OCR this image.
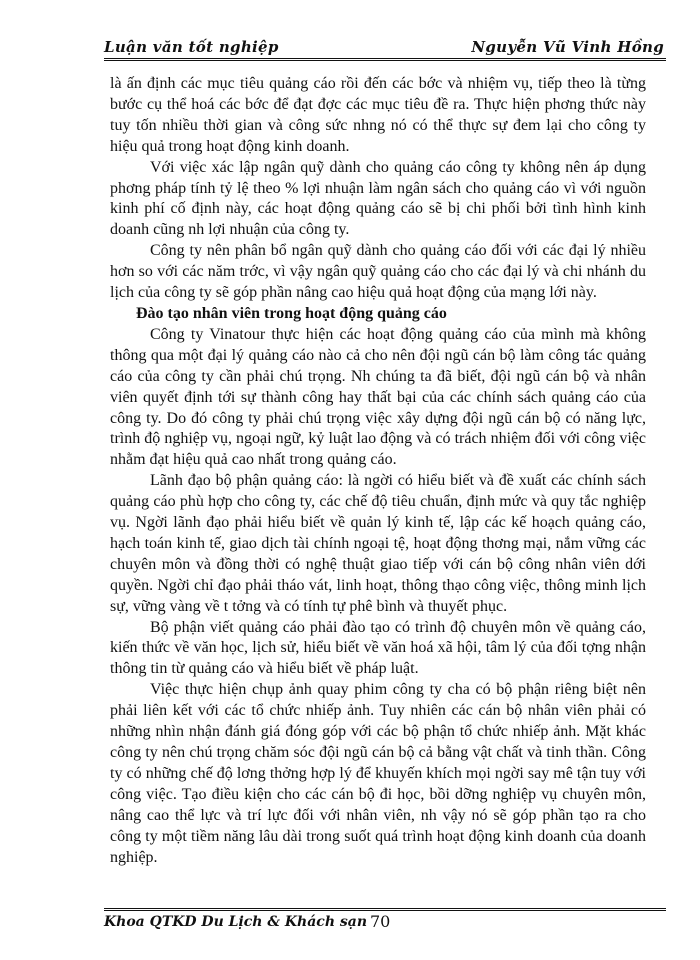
Luận văn tốt nghiệp	Nguyễn Vũ Vinh Hồng

là ấn định các mục tiêu quảng cáo rồi đến các bớc và nhiệm vụ, tiếp theo là từng bước cụ thể hoá các bớc để đạt đợc các mục tiêu đề ra. Thực hiện phơng thức này tuy tốn nhiều thời gian và công sức nhng nó có thể thực sự đem lại cho công ty hiệu quả trong hoạt động kinh doanh.

Với việc xác lập ngân quỹ dành cho quảng cáo công ty không nên áp dụng phơng pháp tính tỷ lệ theo % lợi nhuận làm ngân sách cho quảng cáo vì với nguồn kinh phí cố định này, các hoạt động quảng cáo sẽ bị chi phối bởi tình hình kinh doanh cũng nh lợi nhuận của công ty.

Công ty nên phân bổ ngân quỹ dành cho quảng cáo đối với các đại lý nhiều hơn so với các năm trớc, vì vậy ngân quỹ quảng cáo cho các đại lý và chi nhánh du lịch của công ty sẽ góp phần nâng cao hiệu quả hoạt động của mạng lới này.

Đào tạo nhân viên trong hoạt động quảng cáo

Công ty Vinatour thực hiện các hoạt động quảng cáo của mình mà không thông qua một đại lý quảng cáo nào cả cho nên đội ngũ cán bộ làm công tác quảng cáo của công ty cần phải chú trọng. Nh chúng ta đã biết, đội ngũ cán bộ và nhân viên quyết định tới sự thành công hay thất bại của các chính sách quảng cáo của công ty. Do đó công ty phải chú trọng việc xây dựng đội ngũ cán bộ có năng lực, trình độ nghiệp vụ, ngoại ngữ, kỷ luật lao động và có trách nhiệm đối với công việc nhằm đạt hiệu quả cao nhất trong quảng cáo.

Lãnh đạo bộ phận quảng cáo: là ngời có hiểu biết và đề xuất các chính sách quảng cáo phù hợp cho công ty, các chế độ tiêu chuẩn, định mức và quy tắc nghiệp vụ. Ngời lãnh đạo phải hiểu biết về quản lý kinh tế, lập các kế hoạch quảng cáo, hạch toán kinh tế, giao dịch tài chính ngoại tệ, hoạt động thơng mại, nắm vững các chuyên môn và đồng thời có nghệ thuật giao tiếp với cán bộ công nhân viên dới quyền. Ngời chỉ đạo phải tháo vát, linh hoạt, thông thạo công việc, thông minh lịch sự, vững vàng về t tởng và có tính tự phê bình và thuyết phục.

Bộ phận viết quảng cáo phải đào tạo có trình độ chuyên môn về quảng cáo, kiến thức về văn học, lịch sử, hiểu biết về văn hoá xã hội, tâm lý của đối tợng nhận thông tin từ quảng cáo và hiểu biết về pháp luật.

Việc thực hiện chụp ảnh quay phim công ty cha có bộ phận riêng biệt nên phải liên kết với các tổ chức nhiếp ảnh. Tuy nhiên các cán bộ nhân viên phải có những nhìn nhận đánh giá đóng góp với các bộ phận tổ chức nhiếp ảnh. Mặt khác công ty nên chú trọng chăm sóc đội ngũ cán bộ cả bằng vật chất và tinh thần. Công ty có những chế độ lơng thởng hợp lý để khuyến khích mọi ngời say mê tận tuy với công việc. Tạo điều kiện cho các cán bộ đi học, bồi dỡng nghiệp vụ chuyên môn, nâng cao thể lực và trí lực đối với nhân viên, nh vậy nó sẽ góp phần tạo ra cho công ty một tiềm năng lâu dài trong suốt quá trình hoạt động kinh doanh của doanh nghiệp.

Khoa QTKD Du Lịch & Khách sạn 70
